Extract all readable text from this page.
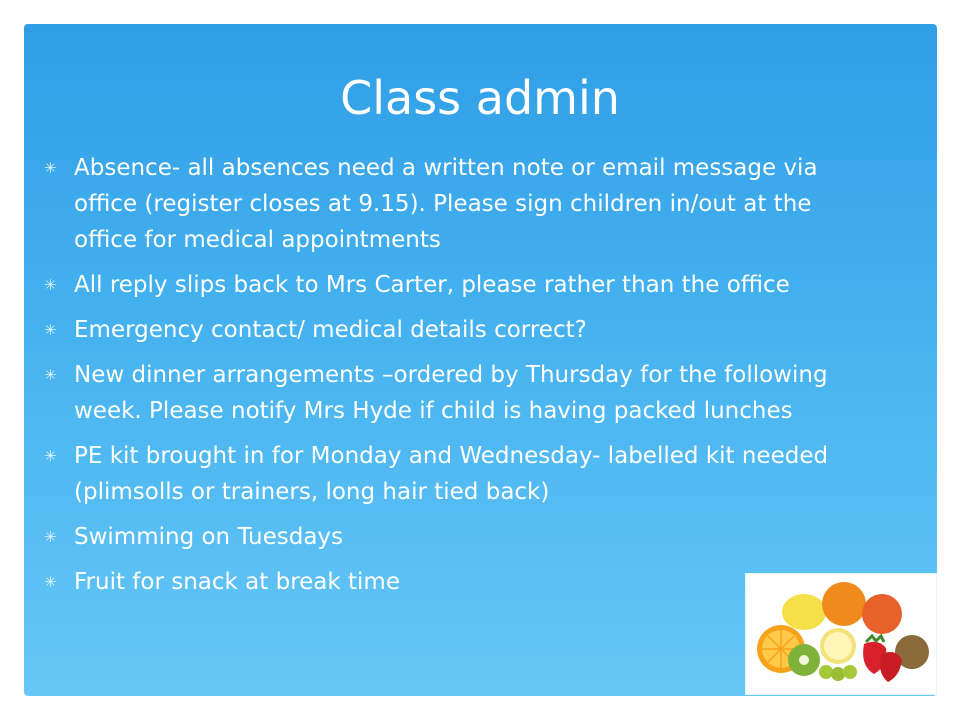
Class admin
✳ Absence- all absences need a written note or email message via office (register closes at 9.15). Please sign children in/out at the office for medical appointments
✳ All reply slips back to Mrs Carter, please rather than the office
✳ Emergency contact/ medical details correct?
✳ New dinner arrangements –ordered by Thursday for the following week. Please notify Mrs Hyde if child is having packed lunches
✳ PE kit brought in for Monday and Wednesday- labelled kit needed (plimsolls or trainers, long hair tied back)
✳ Swimming on Tuesdays
✳ Fruit for snack at break time
